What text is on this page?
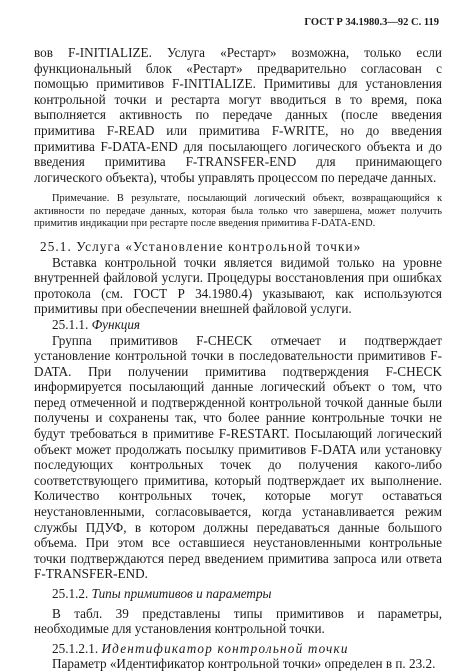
ГОСТ Р 34.1980.3—92 С. 119

вов F-INITIALIZE. Услуга «Рестарт» возможна, только если функциональный блок «Рестарт» предварительно согласован с помощью примитивов F-INITIALIZE. Примитивы для установления контрольной точки и рестарта могут вводиться в то время, пока выполняется активность по передаче данных (после введения примитива F-READ или примитива F-WRITE, но до введения примитива F-DATA-END для посылающего логического объекта и до введения примитива F-TRANSFER-END для принимающего логического объекта), чтобы управлять процессом по передаче данных.

Примечание. В результате, посылающий логический объект, возвращающийся к активности по передаче данных, которая была только что завершена, может получить примитив индикации при рестарте после введения примитива F-DATA-END.

25.1. Услуга «Установление контрольной точки»

Вставка контрольной точки является видимой только на уровне внутренней файловой услуги. Процедуры восстановления при ошибках протокола (см. ГОСТ Р 34.1980.4) указывают, как используются примитивы при обеспечении внешней файловой услуги.

25.1.1. Функция

Группа примитивов F-CHECK отмечает и подтверждает установление контрольной точки в последовательности примитивов F-DATA. При получении примитива подтверждения F-CHECK информируется посылающий данные логический объект о том, что перед отмеченной и подтвержденной контрольной точкой данные были получены и сохранены так, что более ранние контрольные точки не будут требоваться в примитиве F-RESTART. Посылающий логический объект может продолжать посылку примитивов F-DATA или установку последующих контрольных точек до получения какого-либо соответствующего примитива, который подтверждает их выполнение. Количество контрольных точек, которые могут оставаться неустановленными, согласовывается, когда устанавливается режим службы ПДУФ, в котором должны передаваться данные большого объема. При этом все оставшиеся неустановленными контрольные точки подтверждаются перед введением примитива запроса или ответа F-TRANSFER-END.

25.1.2. Типы примитивов и параметры

В табл. 39 представлены типы примитивов и параметры, необходимые для установления контрольной точки.

25.1.2.1. Идентификатор контрольной точки

Параметр «Идентификатор контрольной точки» определен в п. 23.2.
